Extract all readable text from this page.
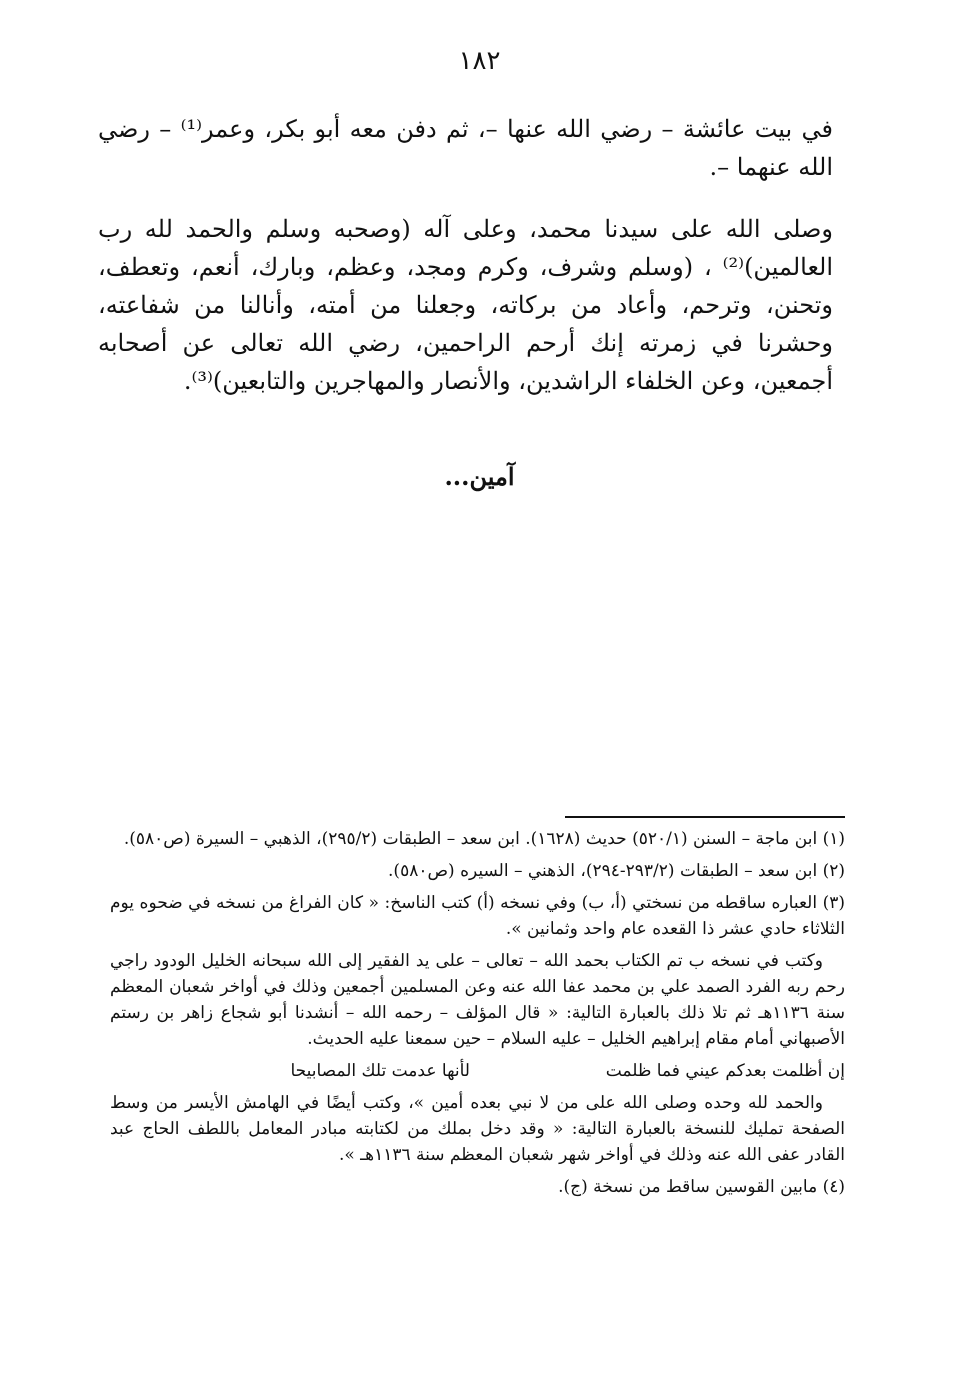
١٨٢

في بيت عائشة – رضي الله عنها –، ثم دفن معه أبو بكر، وعمر⁽¹⁾ – رضي الله عنهما –.

وصلى الله على سيدنا محمد، وعلى آله (وصحبه وسلم والحمد لله رب العالمين)⁽²⁾ ، (وسلم وشرف، وكرم ومجد، وعظم، وبارك، أنعم، وتعطف، وتحنن، وترحم، وأعاد من بركاته، وجعلنا من أمته، وأنالنا من شفاعته، وحشرنا في زمرته إنك أرحم الراحمين، رضي الله تعالى عن أصحابه أجمعين، وعن الخلفاء الراشدين، والأنصار والمهاجرين والتابعين)⁽³⁾.

آمين...

(١) ابن ماجة – السنن (٥٢٠/١) حديث (١٦٢٨). ابن سعد – الطبقات (٢٩٥/٢)، الذهبي – السيرة (ص٥٨٠).

(٢) ابن سعد – الطبقات (٢٩٣/٢-٢٩٤)، الذهني – السيره (ص٥٨٠).

(٣) العباره ساقطه من نسختي (أ، ب) وفي نسخه (أ) كتب الناسخ: « كان الفراغ من نسخه في ضحوه يوم الثلاثاء حادي عشر ذا القعده عام واحد وثمانين ».

وكتب في نسخه ب تم الكتاب بحمد الله – تعالى – على يد الفقير إلى الله سبحانه الخليل الودود راجي رحم ربه الفرد الصمد علي بن محمد عفا الله عنه وعن المسلمين أجمعين وذلك في أواخر شعبان المعظم سنة ١١٣٦هـ ثم تلا ذلك بالعبارة التالية: « قال المؤلف – رحمه الله – أنشدنا أبو شجاع زاهر بن رستم الأصبهاني أمام مقام إبراهيم الخليل – عليه السلام – حين سمعنا عليه الحديث.

إن أظلمت بعدكم عيني فما ظلمت
لأنها عدمت تلك المصابيحا

والحمد لله وحده وصلى الله على من لا نبي بعده أمين »، وكتب أيضًا في الهامش الأيسر من وسط الصفحة تمليك للنسخة بالعبارة التالية: « وقد دخل بملك من لكتابته مبادر المعامل باللطف الحاج عبد القادر عفى الله عنه وذلك في أواخر شهر شعبان المعظم سنة ١١٣٦هـ ».

(٤) مابين القوسين ساقط من نسخة (ج).
